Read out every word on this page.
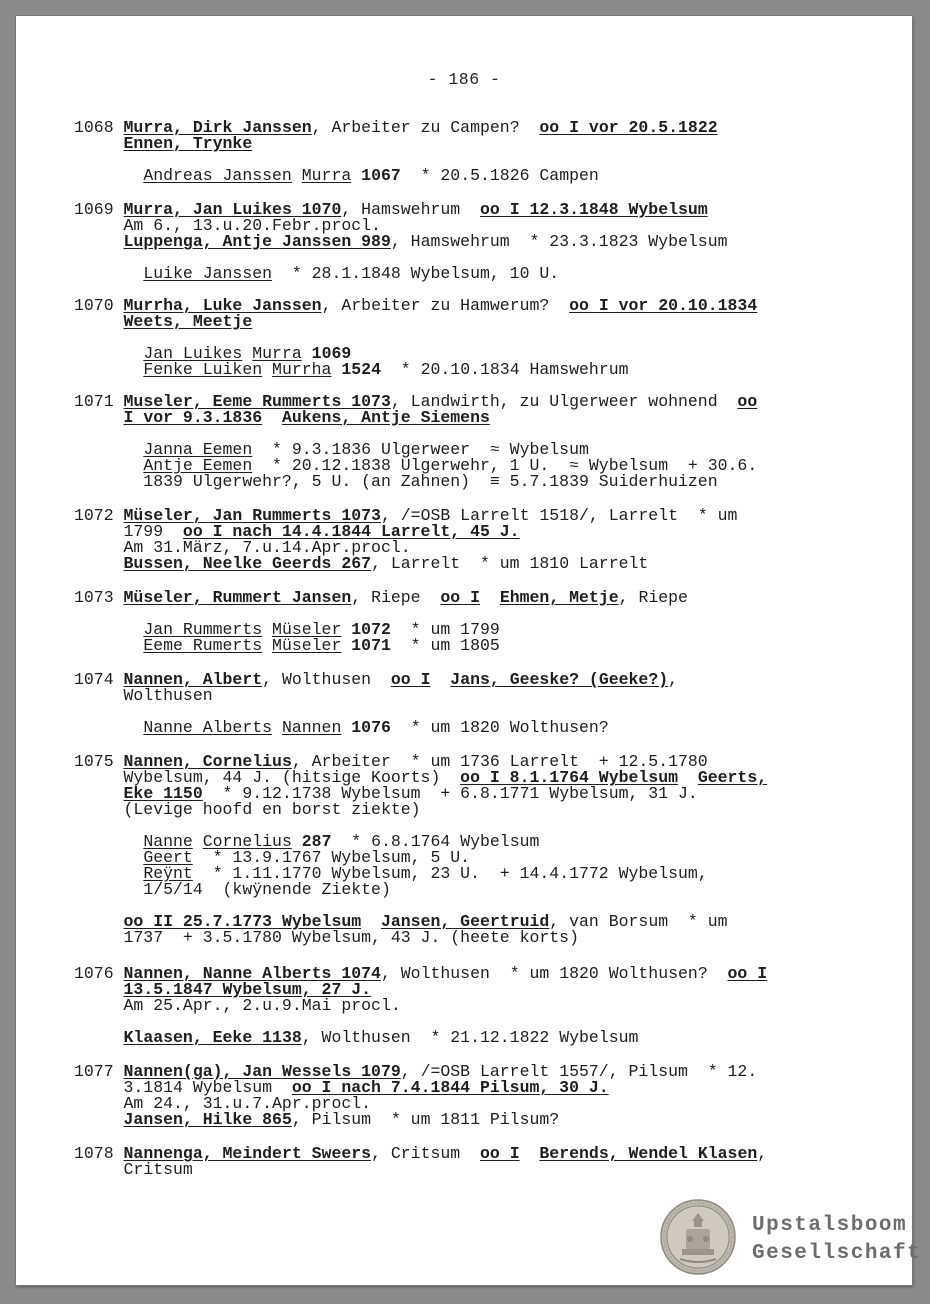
- 186 -
1068 Murra, Dirk Janssen, Arbeiter zu Campen?  oo I vor 20.5.1822
Ennen, Trynke
Andreas Janssen Murra 1067  * 20.5.1826 Campen
1069 Murra, Jan Luikes 1070, Hamswehrum  oo I 12.3.1848 Wybelsum
Am 6., 13.u.20.Febr.procl.
Luppenga, Antje Janssen 989, Hamswehrum  * 23.3.1823 Wybelsum
Luike Janssen  * 28.1.1848 Wybelsum, 10 U.
1070 Murrha, Luke Janssen, Arbeiter zu Hamwerum?  oo I vor 20.10.1834
Weets, Meetje
Jan Luikes Murra 1069
Fenke Luiken Murrha 1524  * 20.10.1834 Hamswehrum
1071 Museler, Eeme Rummerts 1073, Landwirth, zu Ulgerweer wohnend  oo
I vor 9.3.1836 Aukens, Antje Siemens
Janna Eemen  * 9.3.1836 Ulgerweer  ≈ Wybelsum
Antje Eemen  * 20.12.1838 Ulgerwehr, 1 U.  ≈ Wybelsum  + 30.6.
1839 Ulgerwehr?, 5 U. (an Zahnen)  ≡ 5.7.1839 Suiderhuizen
1072 Müseler, Jan Rummerts 1073, /=OSB Larrelt 1518/, Larrelt  * um
1799  oo I nach 14.4.1844 Larrelt, 45 J.
Am 31.März, 7.u.14.Apr.procl.
Bussen, Neelke Geerds 267, Larrelt  * um 1810 Larrelt
1073 Müseler, Rummert Jansen, Riepe  oo I Ehmen, Metje, Riepe
Jan Rummerts Müseler 1072  * um 1799
Eeme Rumerts Müseler 1071  * um 1805
1074 Nannen, Albert, Wolthusen  oo I Jans, Geeske? (Geeke?),
Wolthusen
Nanne Alberts Nannen 1076  * um 1820 Wolthusen?
1075 Nannen, Cornelius, Arbeiter  * um 1736 Larrelt  + 12.5.1780
Wybelsum, 44 J. (hitsige Koorts)  oo I 8.1.1764 Wybelsum Geerts,
Eke 1150  * 9.12.1738 Wybelsum  + 6.8.1771 Wybelsum, 31 J.
(Levige hoofd en borst ziekte)
Nanne Cornelius 287  * 6.8.1764 Wybelsum
Geert  * 13.9.1767 Wybelsum, 5 U.
Reÿnt  * 1.11.1770 Wybelsum, 23 U.  + 14.4.1772 Wybelsum,
1/5/14  (kwÿnende Ziekte)
oo II 25.7.1773 Wybelsum Jansen, Geertruid, van Borsum  * um
1737  + 3.5.1780 Wybelsum, 43 J. (heete korts)
1076 Nannen, Nanne Alberts 1074, Wolthusen  * um 1820 Wolthusen?  oo I
13.5.1847 Wybelsum, 27 J.
Am 25.Apr., 2.u.9.Mai procl.
Klaasen, Eeke 1138, Wolthusen  * 21.12.1822 Wybelsum
1077 Nannen(ga), Jan Wessels 1079, /=OSB Larrelt 1557/, Pilsum  * 12.
3.1814 Wybelsum  oo I nach 7.4.1844 Pilsum, 30 J.
Am 24., 31.u.7.Apr.procl.
Jansen, Hilke 865, Pilsum  * um 1811 Pilsum?
1078 Nannenga, Meindert Sweers, Critsum  oo I Berends, Wendel Klasen,
Critsum
Upstalsboom
Gesellschaft
